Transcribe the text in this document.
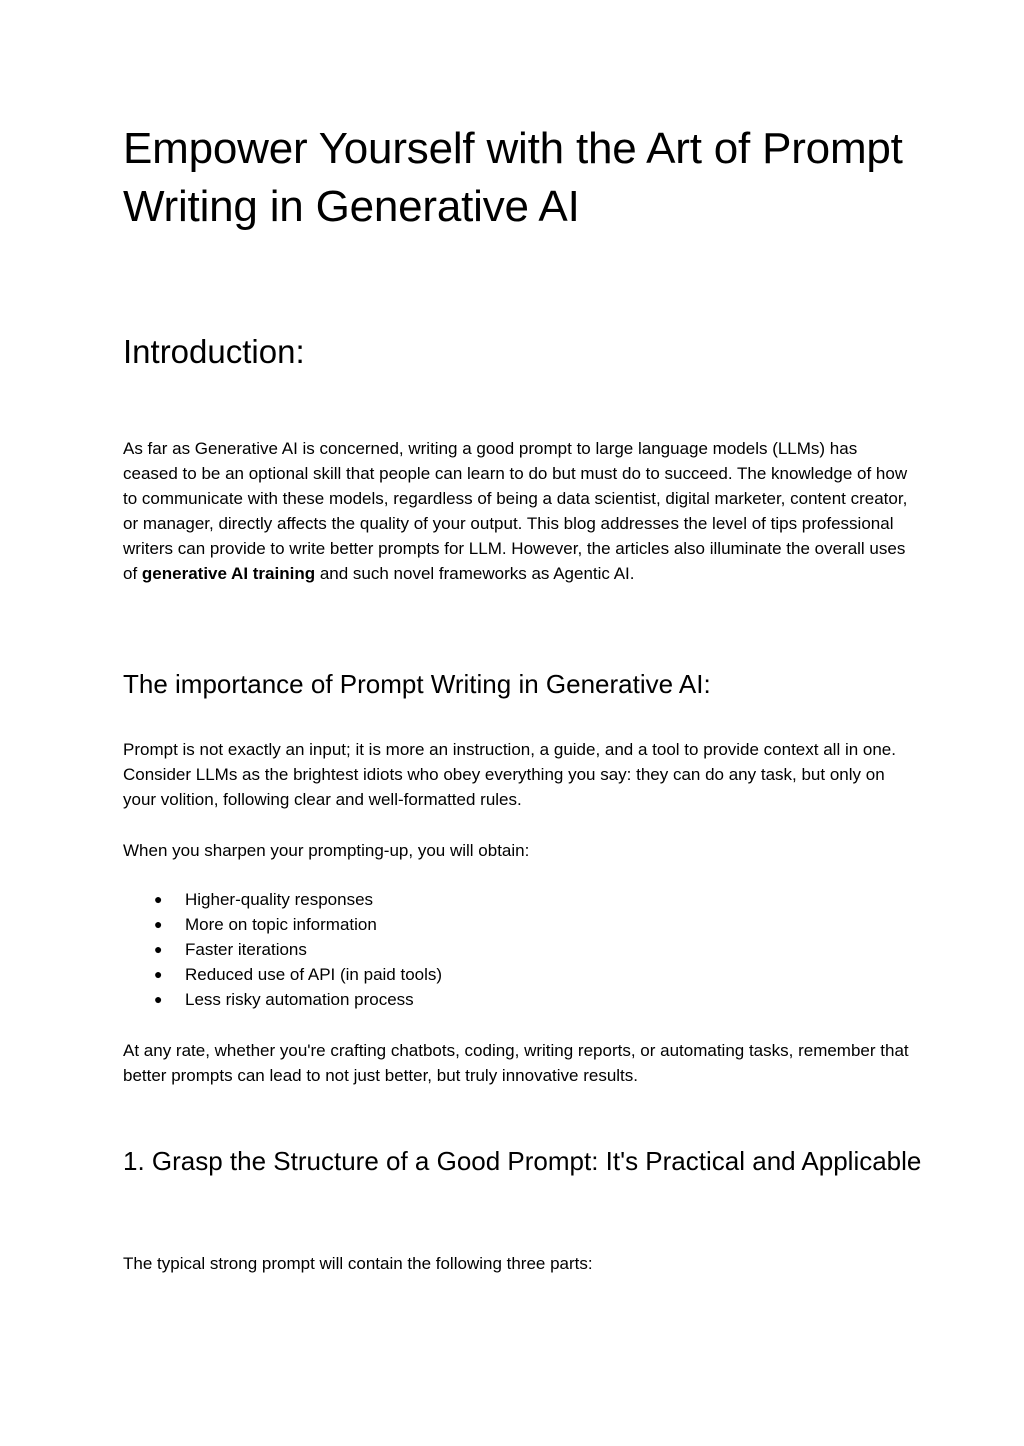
Empower Yourself with the Art of Prompt Writing in Generative AI
Introduction:

As far as Generative AI is concerned, writing a good prompt to large language models (LLMs) has ceased to be an optional skill that people can learn to do but must do to succeed. The knowledge of how to communicate with these models, regardless of being a data scientist, digital marketer, content creator, or manager, directly affects the quality of your output. This blog addresses the level of tips professional writers can provide to write better prompts for LLM. However, the articles also illuminate the overall uses of generative AI training and such novel frameworks as Agentic AI.

The importance of Prompt Writing in Generative AI:

Prompt is not exactly an input; it is more an instruction, a guide, and a tool to provide context all in one. Consider LLMs as the brightest idiots who obey everything you say: they can do any task, but only on your volition, following clear and well-formatted rules.

When you sharpen your prompting-up, you will obtain:

● Higher-quality responses
● More on topic information
● Faster iterations
● Reduced use of API (in paid tools)
● Less risky automation process

At any rate, whether you're crafting chatbots, coding, writing reports, or automating tasks, remember that better prompts can lead to not just better, but truly innovative results.

1. Grasp the Structure of a Good Prompt: It's Practical and Applicable

The typical strong prompt will contain the following three parts:
